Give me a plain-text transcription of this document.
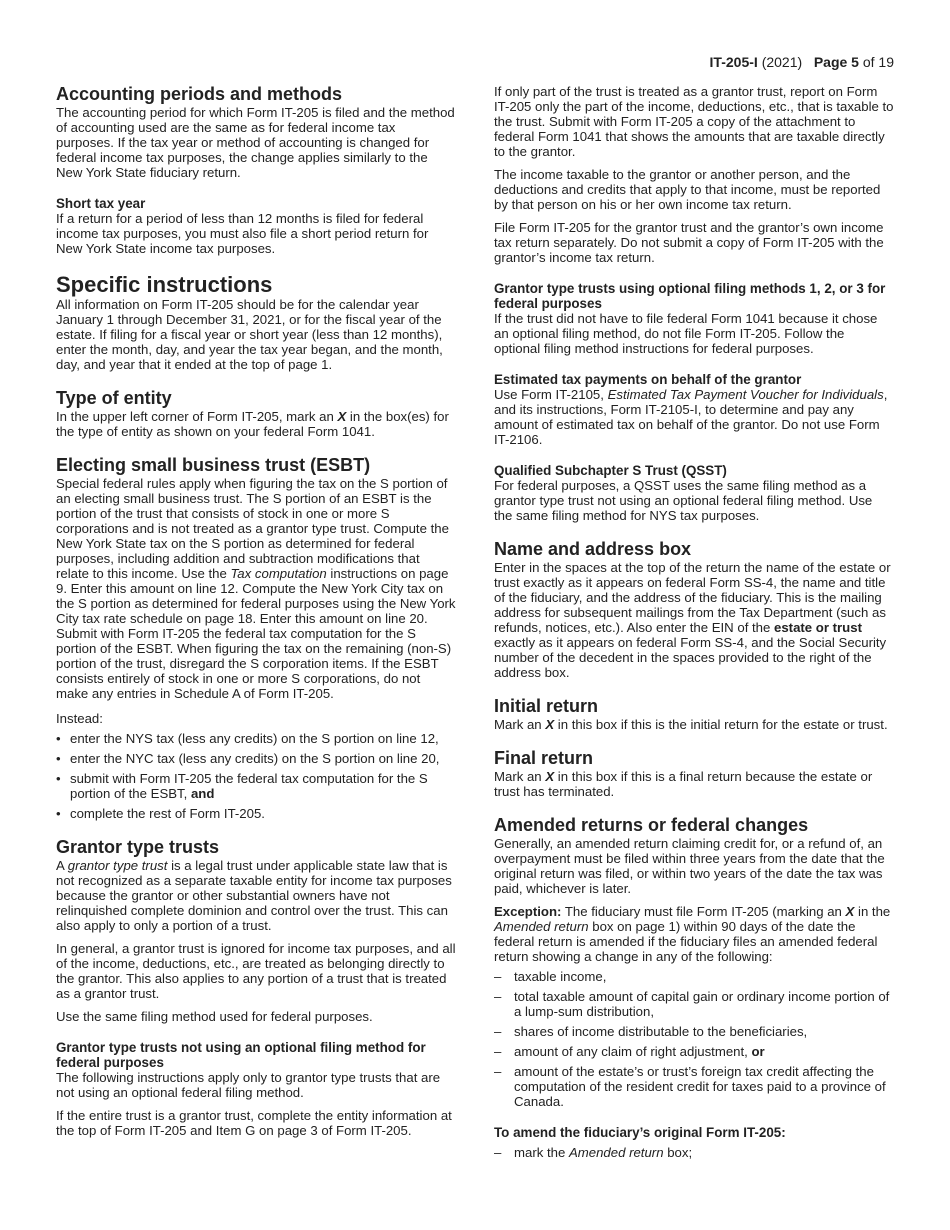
IT-205-I (2021) Page 5 of 19
Accounting periods and methods

The accounting period for which Form IT-205 is filed and the method of accounting used are the same as for federal income tax purposes. If the tax year or method of accounting is changed for federal income tax purposes, the change applies similarly to the New York State fiduciary return.

Short tax year

If a return for a period of less than 12 months is filed for federal income tax purposes, you must also file a short period return for New York State income tax purposes.

Specific instructions

All information on Form IT-205 should be for the calendar year January 1 through December 31, 2021, or for the fiscal year of the estate. If filing for a fiscal year or short year (less than 12 months), enter the month, day, and year the tax year began, and the month, day, and year that it ended at the top of page 1.

Type of entity

In the upper left corner of Form IT-205, mark an X in the box(es) for the type of entity as shown on your federal Form 1041.

Electing small business trust (ESBT)

Special federal rules apply when figuring the tax on the S portion of an electing small business trust. The S portion of an ESBT is the portion of the trust that consists of stock in one or more S corporations and is not treated as a grantor type trust. Compute the New York State tax on the S portion as determined for federal purposes, including addition and subtraction modifications that relate to this income. Use the Tax computation instructions on page 9. Enter this amount on line 12. Compute the New York City tax on the S portion as determined for federal purposes using the New York City tax rate schedule on page 18. Enter this amount on line 20. Submit with Form IT-205 the federal tax computation for the S portion of the ESBT. When figuring the tax on the remaining (non-S) portion of the trust, disregard the S corporation items. If the ESBT consists entirely of stock in one or more S corporations, do not make any entries in Schedule A of Form IT-205.

Instead:

• enter the NYS tax (less any credits) on the S portion on line 12,
• enter the NYC tax (less any credits) on the S portion on line 20,
• submit with Form IT-205 the federal tax computation for the S portion of the ESBT, and
• complete the rest of Form IT-205.
Grantor type trusts

A grantor type trust is a legal trust under applicable state law that is not recognized as a separate taxable entity for income tax purposes because the grantor or other substantial owners have not relinquished complete dominion and control over the trust. This can also apply to only a portion of a trust.

In general, a grantor trust is ignored for income tax purposes, and all of the income, deductions, etc., are treated as belonging directly to the grantor. This also applies to any portion of a trust that is treated as a grantor trust.

Use the same filing method used for federal purposes.

Grantor type trusts not using an optional filing method for federal purposes

The following instructions apply only to grantor type trusts that are not using an optional federal filing method.

If the entire trust is a grantor trust, complete the entity information at the top of Form IT-205 and Item G on page 3 of Form IT-205.

If only part of the trust is treated as a grantor trust, report on Form IT-205 only the part of the income, deductions, etc., that is taxable to the trust. Submit with Form IT-205 a copy of the attachment to federal Form 1041 that shows the amounts that are taxable directly to the grantor.

The income taxable to the grantor or another person, and the deductions and credits that apply to that income, must be reported by that person on his or her own income tax return.

File Form IT-205 for the grantor trust and the grantor’s own income tax return separately. Do not submit a copy of Form IT-205 with the grantor’s income tax return.

Grantor type trusts using optional filing methods 1, 2, or 3 for federal purposes

If the trust did not have to file federal Form 1041 because it chose an optional filing method, do not file Form IT-205. Follow the optional filing method instructions for federal purposes.

Estimated tax payments on behalf of the grantor

Use Form IT-2105, Estimated Tax Payment Voucher for Individuals, and its instructions, Form IT-2105-I, to determine and pay any amount of estimated tax on behalf of the grantor. Do not use Form IT-2106.

Qualified Subchapter S Trust (QSST)

For federal purposes, a QSST uses the same filing method as a grantor type trust not using an optional federal filing method. Use the same filing method for NYS tax purposes.

Name and address box

Enter in the spaces at the top of the return the name of the estate or trust exactly as it appears on federal Form SS-4, the name and title of the fiduciary, and the address of the fiduciary. This is the mailing address for subsequent mailings from the Tax Department (such as refunds, notices, etc.). Also enter the EIN of the estate or trust exactly as it appears on federal Form SS-4, and the Social Security number of the decedent in the spaces provided to the right of the address box.

Initial return

Mark an X in this box if this is the initial return for the estate or trust.

Final return

Mark an X in this box if this is a final return because the estate or trust has terminated.

Amended returns or federal changes

Generally, an amended return claiming credit for, or a refund of, an overpayment must be filed within three years from the date that the original return was filed, or within two years of the date the tax was paid, whichever is later.

Exception: The fiduciary must file Form IT-205 (marking an X in the Amended return box on page 1) within 90 days of the date the federal return is amended if the fiduciary files an amended federal return showing a change in any of the following:

– taxable income,
– total taxable amount of capital gain or ordinary income portion of a lump-sum distribution,
– shares of income distributable to the beneficiaries,
– amount of any claim of right adjustment, or
– amount of the estate’s or trust’s foreign tax credit affecting the computation of the resident credit for taxes paid to a province of Canada.
To amend the fiduciary’s original Form IT-205:
– mark the Amended return box;
